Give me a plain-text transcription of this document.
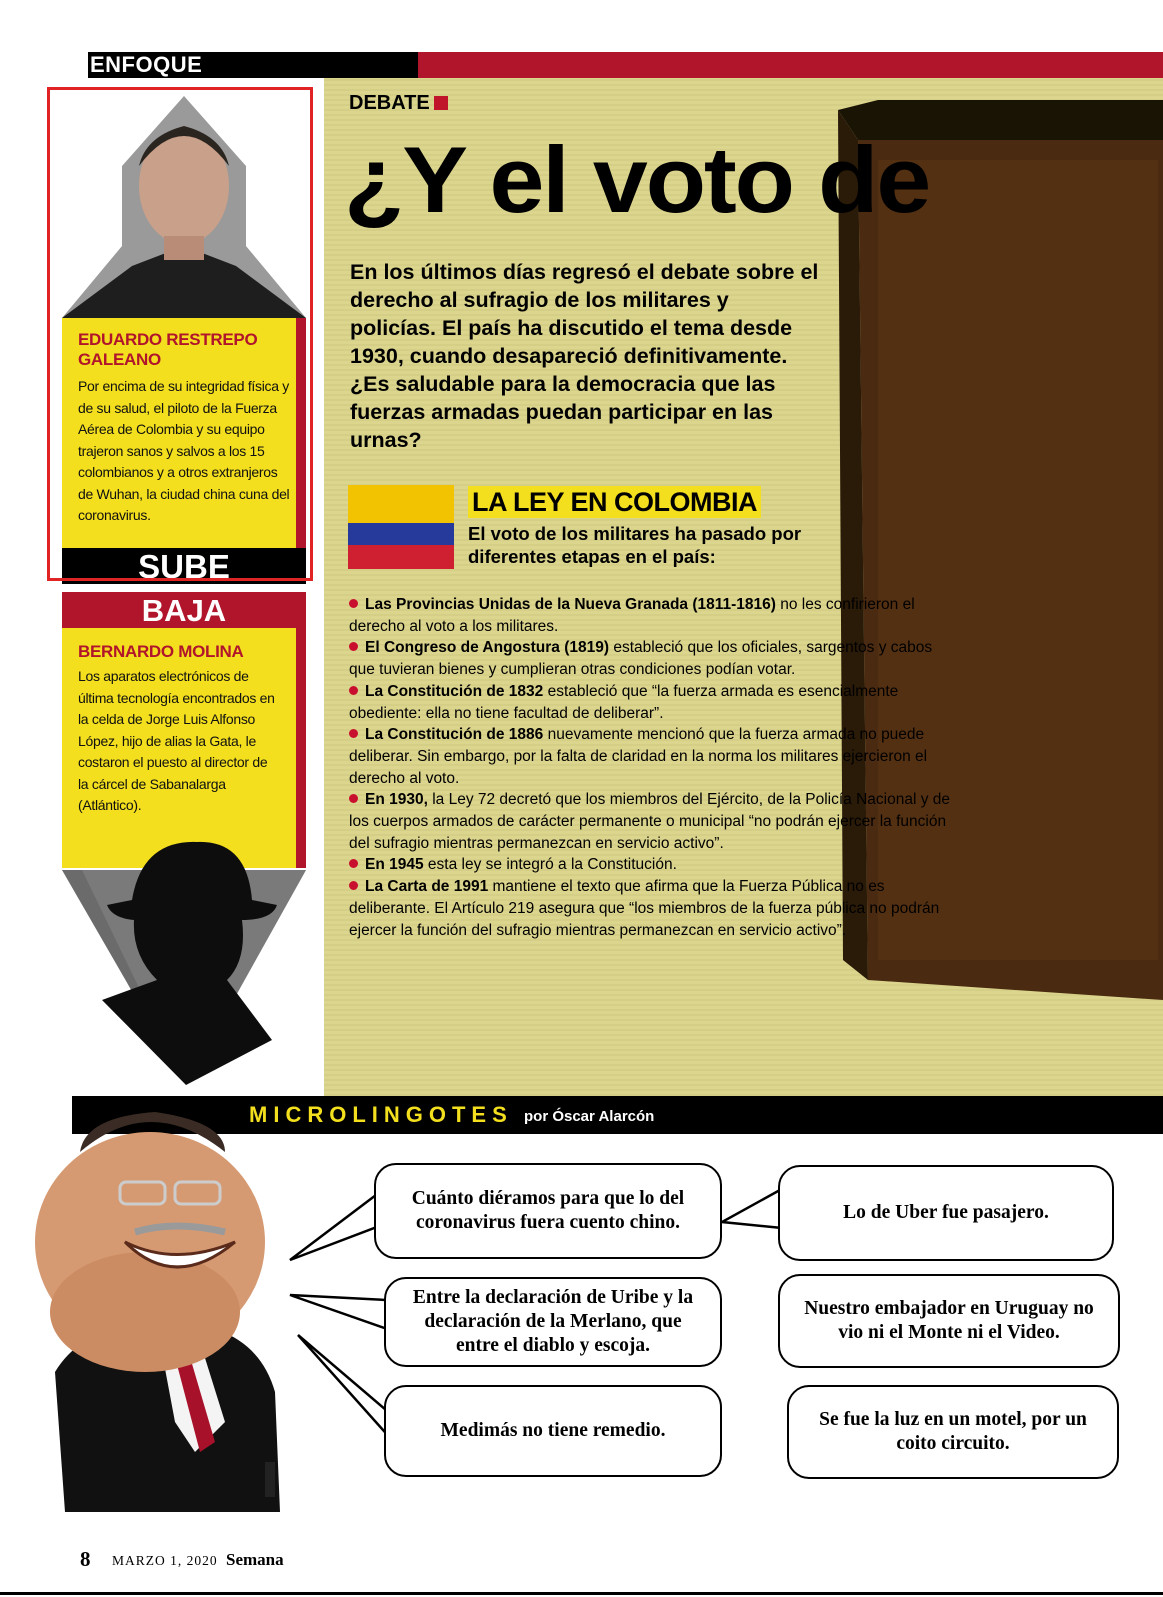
ENFOQUE
DEBATE
¿Y el voto de
En los últimos días regresó el debate sobre el derecho al sufragio de los militares y policías. El país ha discutido el tema desde 1930, cuando desapareció definitivamente. ¿Es saludable para la democracia que las fuerzas armadas puedan participar en las urnas?
LA LEY EN COLOMBIA
El voto de los militares ha pasado por diferentes etapas en el país:
Las Provincias Unidas de la Nueva Granada (1811-1816) no les confirieron el derecho al voto a los militares.
El Congreso de Angostura (1819) estableció que los oficiales, sargentos y cabos que tuvieran bienes y cumplieran otras condiciones podían votar.
La Constitución de 1832 estableció que “la fuerza armada es esencialmente obediente: ella no tiene facultad de deliberar”.
La Constitución de 1886 nuevamente mencionó que la fuerza armada no puede deliberar. Sin embargo, por la falta de claridad en la norma los militares ejercieron el derecho al voto.
En 1930, la Ley 72 decretó que los miembros del Ejército, de la Policía Nacional y de los cuerpos armados de carácter permanente o municipal “no podrán ejercer la función del sufragio mientras permanezcan en servicio activo”.
En 1945 esta ley se integró a la Constitución.
La Carta de 1991 mantiene el texto que afirma que la Fuerza Pública no es deliberante. El Artículo 219 asegura que “los miembros de la fuerza pública no podrán ejercer la función del sufragio mientras permanezcan en servicio activo”.
EDUARDO RESTREPO GALEANO
Por encima de su integridad física y de su salud, el piloto de la Fuerza Aérea de Colombia y su equipo trajeron sanos y salvos a los 15 colombianos y a otros extranjeros de Wuhan, la ciudad china cuna del coronavirus.
SUBE
BAJA
BERNARDO MOLINA
Los aparatos electrónicos de última tecnología encontrados en la celda de Jorge Luis Alfonso López, hijo de alias la Gata, le costaron el puesto al director de la cárcel de Sabanalarga (Atlántico).
MICROLINGOTES por Óscar Alarcón
Cuánto diéramos para que lo del coronavirus fuera cuento chino.	Lo de Uber fue pasajero.
Entre la declaración de Uribe y la declaración de la Merlano, que entre el diablo y escoja.
Nuestro embajador en Uruguay no vio ni el Monte ni el Video.
Medimás no tiene remedio.
Se fue la luz en un motel, por un coito circuito.
8 MARZO 1, 2020 Semana
